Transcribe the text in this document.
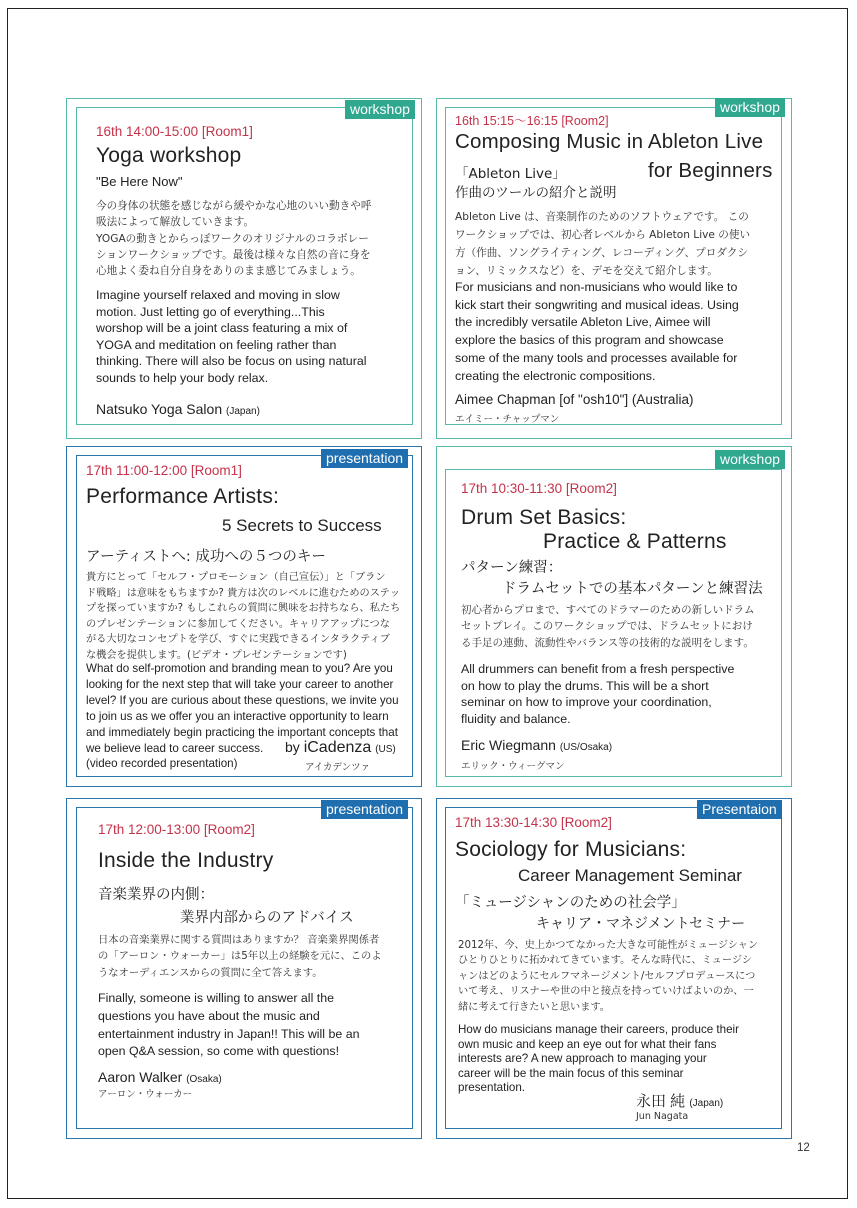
workshop
16th 14:00-15:00 [Room1]
Yoga workshop
"Be Here Now"
今の身体の状態を感じながら緩やかな心地のいい動きや呼
吸法によって解放していきます。
YOGAの動きとからっぽワークのオリジナルのコラボレー
ションワークショップです。最後は様々な自然の音に身を
心地よく委ね自分自身をありのまま感じてみましょう。
Imagine yourself relaxed and moving in slow
motion. Just letting go of everything...This
worshop will be a joint class featuring a mix of
YOGA and meditation on feeling rather than
thinking. There will also be focus on using natural
sounds to help your body relax.
Natsuko Yoga Salon (Japan)
workshop
16th 15:15〜16:15 [Room2]
Composing Music in Ableton Live
for Beginners
「Ableton Live」
作曲のツールの紹介と説明
Ableton Live は、音楽制作のためのソフトウェアです。 この
ワークショップでは、初心者レベルから Ableton Live の使い
方（作曲、ソングライティング、レコーディング、プロダクシ
ョン、リミックスなど）を、デモを交えて紹介します。
For musicians and non-musicians who would like to
kick start their songwriting and musical ideas. Using
the incredibly versatile Ableton Live, Aimee will
explore the basics of this program and showcase
some of the many tools and processes available for
creating the electronic compositions.
Aimee Chapman [of "osh10"] (Australia)
エイミー・チャップマン
presentation
17th 11:00-12:00 [Room1]
Performance Artists:
5 Secrets to Success
アーティストへ: 成功への５つのキー
貴方にとって「セルフ・プロモーション（自己宣伝）」と「ブラン
ド戦略」は意味をもちますか? 貴方は次のレベルに進むためのステッ
プを探っていますか? もしこれらの質問に興味をお持ちなら、私たち
のプレゼンテーションに参加してください。キャリアアップにつな
がる大切なコンセプトを学び、すぐに実践できるインタラクティブ
な機会を提供します。(ビデオ・プレゼンテーションです)
What do self-promotion and branding mean to you? Are you
looking for the next step that will take your career to another
level? If you are curious about these questions, we invite you
to join us as we offer you an interactive opportunity to learn
and immediately begin practicing the important concepts that
we believe lead to career success.
(video recorded presentation)
by iCadenza (US)
アイカデンツァ
workshop
17th 10:30-11:30 [Room2]
Drum Set Basics:
Practice & Patterns
パターン練習：
ドラムセットでの基本パターンと練習法
初心者からプロまで、すべてのドラマーのための新しいドラム
セットプレイ。このワークショップでは、ドラムセットにおけ
る手足の連動、流動性やバランス等の技術的な説明をします。
All drummers can benefit from a fresh perspective
on how to play the drums. This will be a short
seminar on how to improve your coordination,
fluidity and balance.
Eric Wiegmann (US/Osaka)
エリック・ウィーグマン
presentation
17th 12:00-13:00 [Room2]
Inside the Industry
音楽業界の内側：
業界内部からのアドバイス
日本の音楽業界に関する質問はありますか？ 音楽業界関係者
の「アーロン・ウォーカー」は5年以上の経験を元に、このよ
うなオーディエンスからの質問に全て答えます。
Finally, someone is willing to answer all the
questions you have about the music and
entertainment industry in Japan!! This will be an
open Q&A session, so come with questions!
Aaron Walker (Osaka)
アーロン・ウォーカー
Presentaion
17th 13:30-14:30 [Room2]
Sociology for Musicians:
Career Management Seminar
「ミュージシャンのための社会学」
キャリア・マネジメントセミナー
2012年、今、史上かつてなかった大きな可能性がミュージシャン
ひとりひとりに拓かれてきています。そんな時代に、ミュージシ
ャンはどのようにセルフマネージメント/セルフプロデュースにつ
いて考え、リスナーや世の中と接点を持っていけばよいのか、一
緒に考えて行きたいと思います。
How do musicians manage their careers, produce their
own music and keep an eye out for what their fans
interests are? A new approach to managing your
career will be the main focus of this seminar
presentation.
永田 純 (Japan)
Jun Nagata
12
